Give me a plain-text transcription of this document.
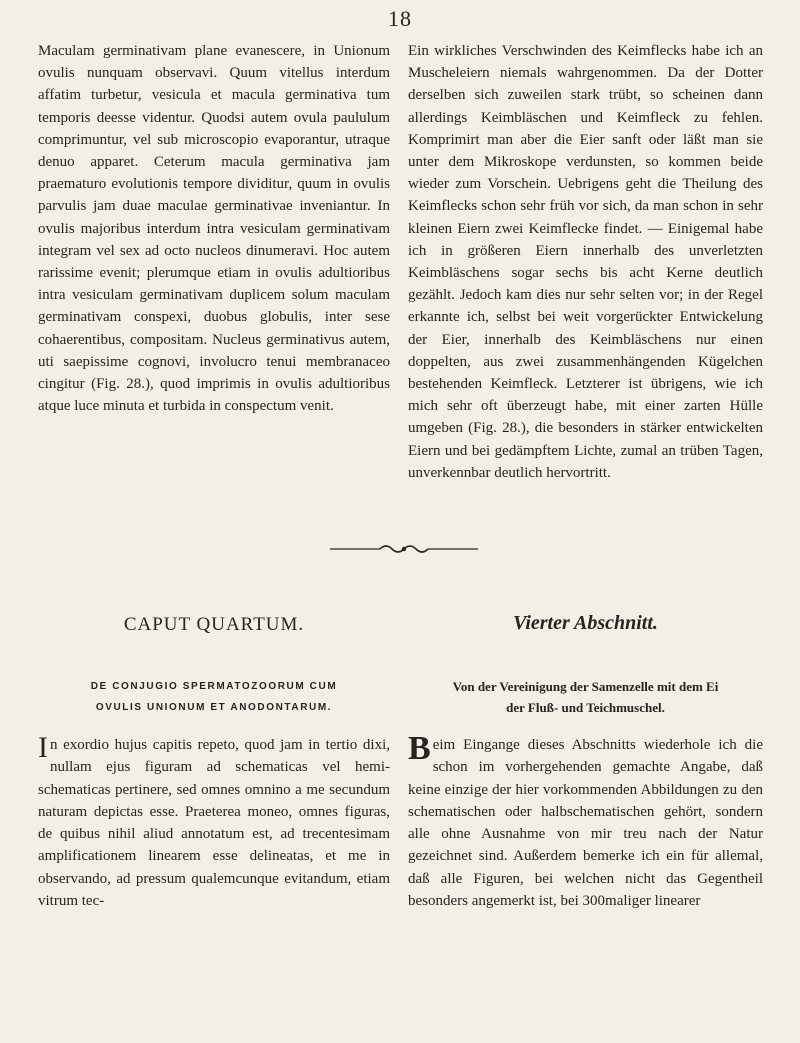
18

Maculam germinativam plane evanescere, in Unionum ovulis nunquam observavi. Quum vitellus interdum affatim turbetur, vesicula et macula germinativa tum temporis deesse videntur. Quodsi autem ovula paululum comprimuntur, vel sub microscopio evaporantur, utraque denuo apparet. Ceterum macula germinativa jam praematuro evolutionis tempore dividitur, quum in ovulis parvulis jam duae maculae germinativae inveniantur. In ovulis majoribus interdum intra vesiculam germinativam integram vel sex ad octo nucleos dinumeravi. Hoc autem rarissime evenit; plerumque etiam in ovulis adultioribus intra vesiculam germinativam duplicem solum maculam germinativam conspexi, duobus globulis, inter sese cohaerentibus, compositam. Nucleus germinativus autem, uti saepissime cognovi, involucro tenui membranaceo cingitur (Fig. 28.), quod imprimis in ovulis adultioribus atque luce minuta et turbida in conspectum venit.

Ein wirkliches Verschwinden des Keimflecks habe ich an Muscheleiern niemals wahrgenommen. Da der Dotter derselben sich zuweilen stark trübt, so scheinen dann allerdings Keimbläschen und Keimfleck zu fehlen. Komprimirt man aber die Eier sanft oder läßt man sie unter dem Mikroskope verdunsten, so kommen beide wieder zum Vorschein. Uebrigens geht die Theilung des Keimflecks schon sehr früh vor sich, da man schon in sehr kleinen Eiern zwei Keimflecke findet. — Einigemal habe ich in größeren Eiern innerhalb des unverletzten Keimbläschens sogar sechs bis acht Kerne deutlich gezählt. Jedoch kam dies nur sehr selten vor; in der Regel erkannte ich, selbst bei weit vorgerückter Entwickelung der Eier, innerhalb des Keimbläschens nur einen doppelten, aus zwei zusammenhängenden Kügelchen bestehenden Keimfleck. Letzterer ist übrigens, wie ich mich sehr oft überzeugt habe, mit einer zarten Hülle umgeben (Fig. 28.), die besonders in stärker entwickelten Eiern und bei gedämpftem Lichte, zumal an trüben Tagen, unverkennbar deutlich hervortritt.

CAPUT QUARTUM.	Vierter Abschnitt.
DE CONJUGIO SPERMATOZOORUM CUM
OVULIS UNIONUM ET ANODONTARUM.
Von der Vereinigung der Samenzelle mit dem Ei
der Fluß- und Teichmuschel.

In exordio hujus capitis repeto, quod jam in tertio dixi, nullam ejus figuram ad schematicas vel hemi-schematicas pertinere, sed omnes omnino a me secundum naturam depictas esse. Praeterea moneo, omnes figuras, de quibus nihil aliud annotatum est, ad trecentesimam amplificationem linearem esse delineatas, et me in observando, ad pressum qualemcunque evitandum, etiam vitrum tec-

Beim Eingange dieses Abschnitts wiederhole ich die schon im vorhergehenden gemachte Angabe, daß keine einzige der hier vorkommenden Abbildungen zu den schematischen oder halbschematischen gehört, sondern alle ohne Ausnahme von mir treu nach der Natur gezeichnet sind. Außerdem bemerke ich ein für allemal, daß alle Figuren, bei welchen nicht das Gegentheil besonders angemerkt ist, bei 300maliger linearer
